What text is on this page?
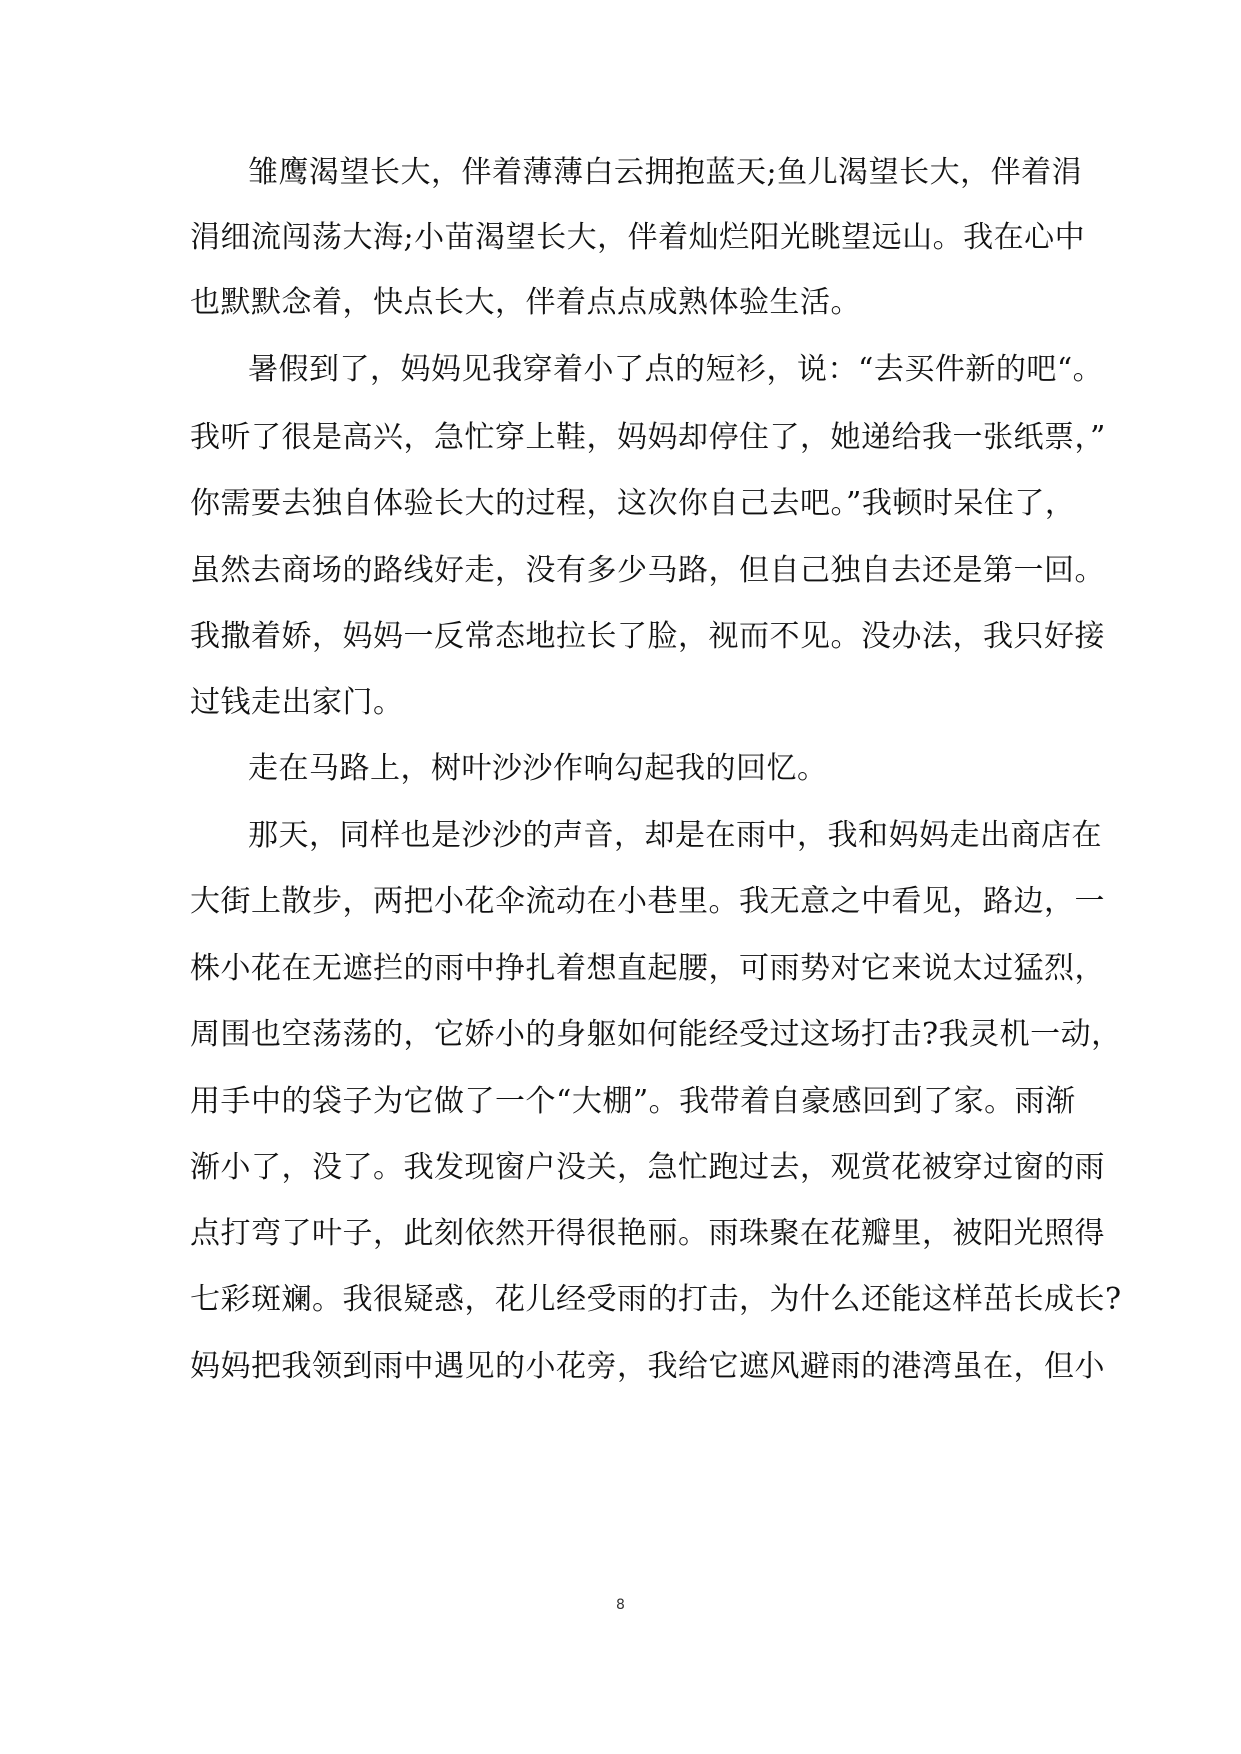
雏鹰渴望长大，伴着薄薄白云拥抱蓝天;鱼儿渴望长大，伴着涓
涓细流闯荡大海;小苗渴望长大，伴着灿烂阳光眺望远山。我在心中
也默默念着，快点长大，伴着点点成熟体验生活。
暑假到了，妈妈见我穿着小了点的短衫，说：“去买件新的吧“。
我听了很是高兴，急忙穿上鞋，妈妈却停住了，她递给我一张纸票，”
你需要去独自体验长大的过程，这次你自己去吧。”我顿时呆住了，
虽然去商场的路线好走，没有多少马路，但自己独自去还是第一回。
我撒着娇，妈妈一反常态地拉长了脸，视而不见。没办法，我只好接
过钱走出家门。
走在马路上，树叶沙沙作响勾起我的回忆。
那天，同样也是沙沙的声音，却是在雨中，我和妈妈走出商店在
大街上散步，两把小花伞流动在小巷里。我无意之中看见，路边，一
株小花在无遮拦的雨中挣扎着想直起腰，可雨势对它来说太过猛烈，
周围也空荡荡的，它娇小的身躯如何能经受过这场打击?我灵机一动，
用手中的袋子为它做了一个“大棚”。我带着自豪感回到了家。雨渐
渐小了，没了。我发现窗户没关，急忙跑过去，观赏花被穿过窗的雨
点打弯了叶子，此刻依然开得很艳丽。雨珠聚在花瓣里，被阳光照得
七彩斑斓。我很疑惑，花儿经受雨的打击，为什么还能这样茁长成长?
妈妈把我领到雨中遇见的小花旁，我给它遮风避雨的港湾虽在，但小
8
